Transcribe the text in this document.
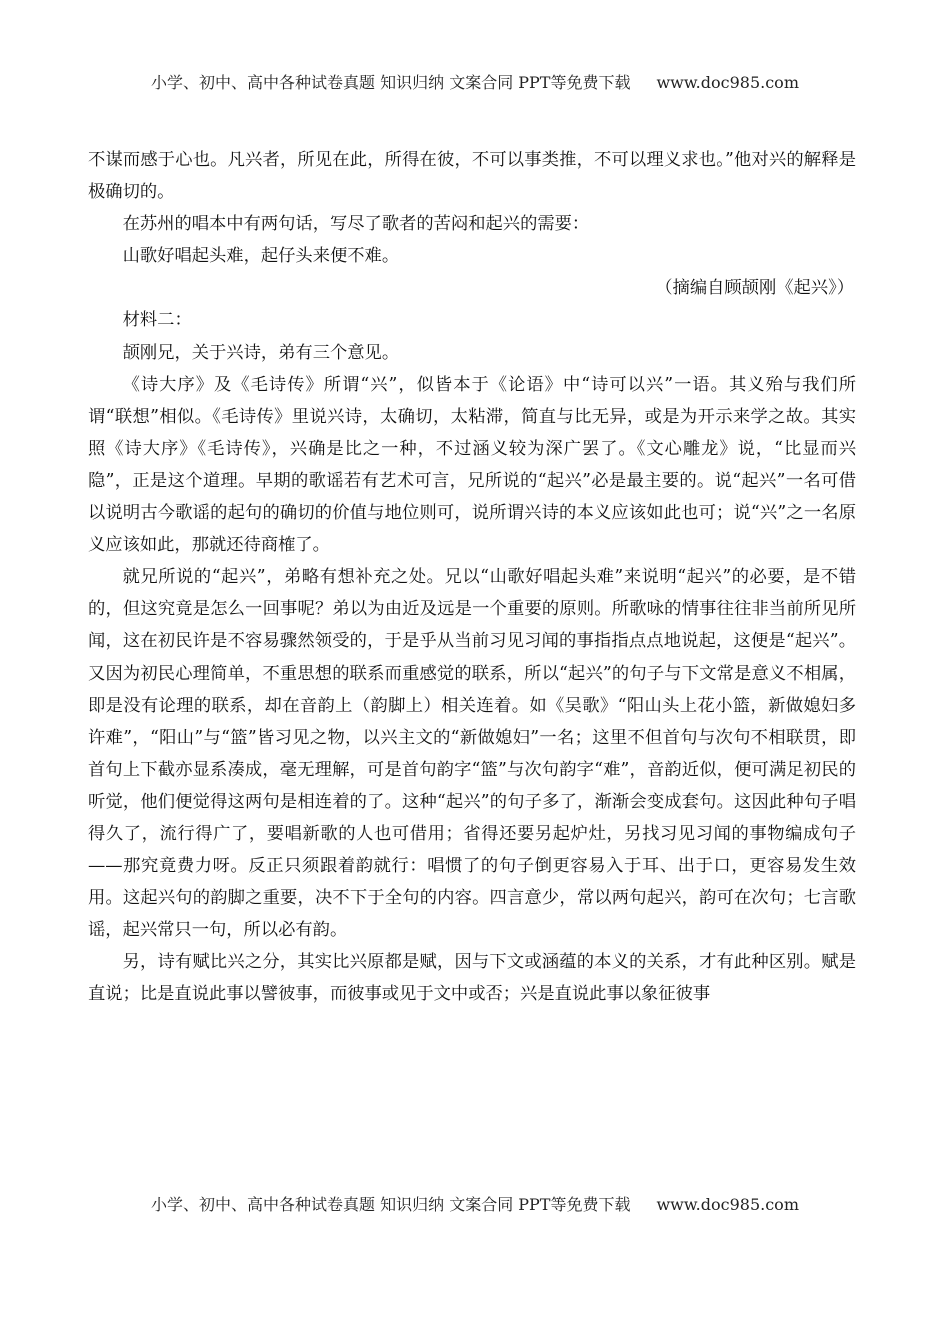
小学、初中、高中各种试卷真题 知识归纳 文案合同 PPT等免费下载 www.doc985.com

不谋而感于心也。凡兴者，所见在此，所得在彼，不可以事类推，不可以理义求也。”他对兴的解释是极确切的。

在苏州的唱本中有两句话，写尽了歌者的苦闷和起兴的需要：

山歌好唱起头难，起仔头来便不难。

（摘编自顾颉刚《起兴》）

材料二：

颉刚兄，关于兴诗，弟有三个意见。

《诗大序》及《毛诗传》所谓“兴”，似皆本于《论语》中“诗可以兴”一语。其义殆与我们所谓“联想”相似。《毛诗传》里说兴诗，太确切，太粘滞，简直与比无异，或是为开示来学之故。其实照《诗大序》《毛诗传》，兴确是比之一种，不过涵义较为深广罢了。《文心雕龙》说，“比显而兴隐”，正是这个道理。早期的歌谣若有艺术可言，兄所说的“起兴”必是最主要的。说“起兴”一名可借以说明古今歌谣的起句的确切的价值与地位则可，说所谓兴诗的本义应该如此也可；说“兴”之一名原义应该如此，那就还待商榷了。

就兄所说的“起兴”，弟略有想补充之处。兄以“山歌好唱起头难”来说明“起兴”的必要，是不错的，但这究竟是怎么一回事呢？弟以为由近及远是一个重要的原则。所歌咏的情事往往非当前所见所闻，这在初民许是不容易骤然领受的，于是乎从当前习见习闻的事指指点点地说起，这便是“起兴”。又因为初民心理简单，不重思想的联系而重感觉的联系，所以“起兴”的句子与下文常是意义不相属，即是没有论理的联系，却在音韵上（韵脚上）相关连着。如《吴歌》“阳山头上花小篮，新做媳妇多许难”，“阳山”与“篮”皆习见之物，以兴主文的“新做媳妇”一名；这里不但首句与次句不相联贯，即首句上下截亦显系凑成，毫无理解，可是首句韵字“篮”与次句韵字“难”，音韵近似，便可满足初民的听觉，他们便觉得这两句是相连着的了。这种“起兴”的句子多了，渐渐会变成套句。这因此种句子唱得久了，流行得广了，要唱新歌的人也可借用；省得还要另起炉灶，另找习见习闻的事物编成句子——那究竟费力呀。反正只须跟着韵就行：唱惯了的句子倒更容易入于耳、出于口，更容易发生效用。这起兴句的韵脚之重要，决不下于全句的内容。四言意少，常以两句起兴，韵可在次句；七言歌谣，起兴常只一句，所以必有韵。

另，诗有赋比兴之分，其实比兴原都是赋，因与下文或涵蕴的本义的关系，才有此种区别。赋是直说；比是直说此事以譬彼事，而彼事或见于文中或否；兴是直说此事以象征彼事

小学、初中、高中各种试卷真题 知识归纳 文案合同 PPT等免费下载 www.doc985.com
